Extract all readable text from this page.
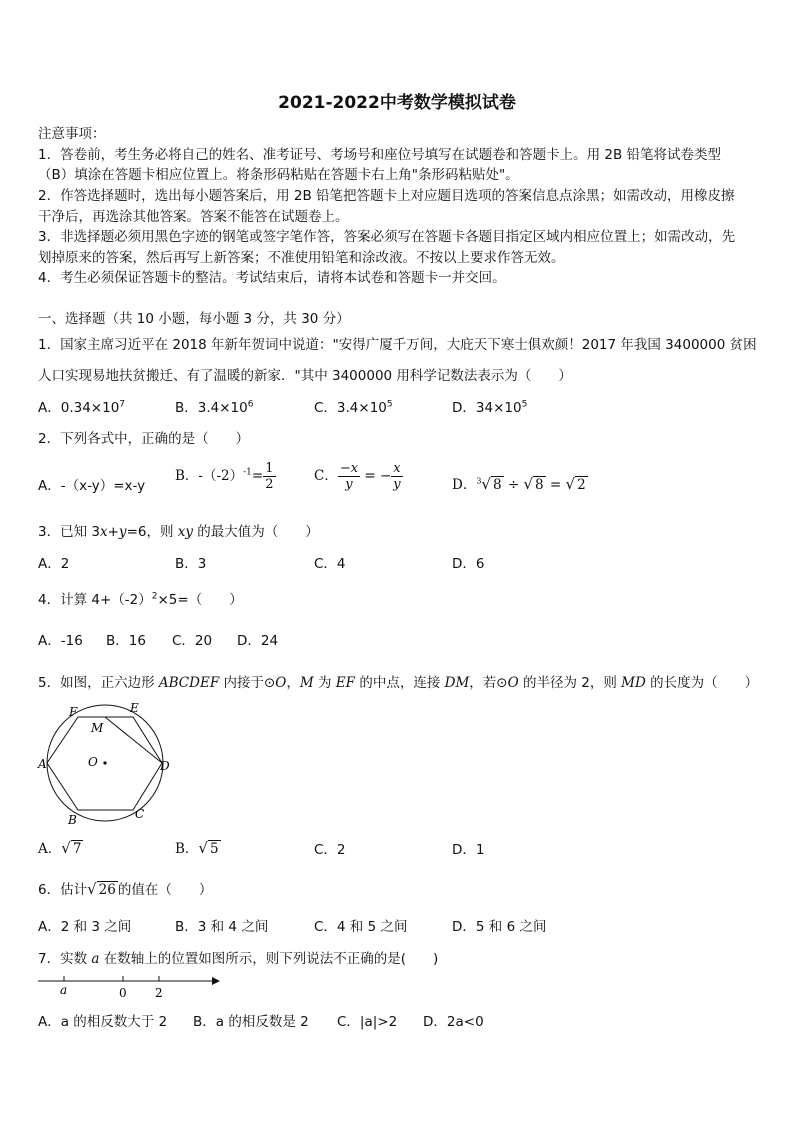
2021-2022中考数学模拟试卷
注意事项：
1．答卷前，考生务必将自己的姓名、准考证号、考场号和座位号填写在试题卷和答题卡上。用 2B 铅笔将试卷类型
（B）填涂在答题卡相应位置上。将条形码粘贴在答题卡右上角"条形码粘贴处"。
2．作答选择题时，选出每小题答案后，用 2B 铅笔把答题卡上对应题目选项的答案信息点涂黑；如需改动，用橡皮擦
干净后，再选涂其他答案。答案不能答在试题卷上。
3．非选择题必须用黑色字迹的钢笔或签字笔作答，答案必须写在答题卡各题目指定区域内相应位置上；如需改动，先
划掉原来的答案，然后再写上新答案；不准使用铅笔和涂改液。不按以上要求作答无效。
4．考生必须保证答题卡的整洁。考试结束后，请将本试卷和答题卡一并交回。
一、选择题（共 10 小题，每小题 3 分，共 30 分）
1．国家主席习近平在 2018 年新年贺词中说道："安得广厦千万间，大庇天下寒士俱欢颜！2017 年我国 3400000 贫困
人口实现易地扶贫搬迁、有了温暖的新家．"其中 3400000 用科学记数法表示为（　　）
A．$0.34\times 10^7$	B．$3.4\times 10^6$	C．$3.4\times 10^5$	D．$34\times 10^5$
2．下列各式中，正确的是（　　）
A．-（x-y）=x-y
B．$-(-2)^{-1}= \frac{1}{2}$	C． $\frac{-x}{y}$ = − $\frac{x}{y}$	D．$^3$√ 8 ÷ √ 8 = √ 2
3．已知 3x+y=6，则 xy 的最大值为（　　）
A．2	B．3	C．4	D．6
4．计算 $4+(-2)^2\times 5=$（　　）
A．-16 B．16 C．20 D．24
5．如图，正六边形 ABCDEF 内接于⊙O，M 为 EF 的中点，连接 DM，若⊙O 的半径为 2，则 MD 的长度为（　　）
A
B	C
D
E
F
M
O
A．√ 7	B．√ 5	C．2	D．1
6．估计√ 26 的值在（　　）
A．2 和 3 之间	B．3 和 4 之间	C．4 和 5 之间	D．5 和 6 之间
7．实数 a 在数轴上的位置如图所示，则下列说法不正确的是(　　)
a	0 2
A．a 的相反数大于 2 B．a 的相反数是 2 C．|a|>2 D．2a<0
